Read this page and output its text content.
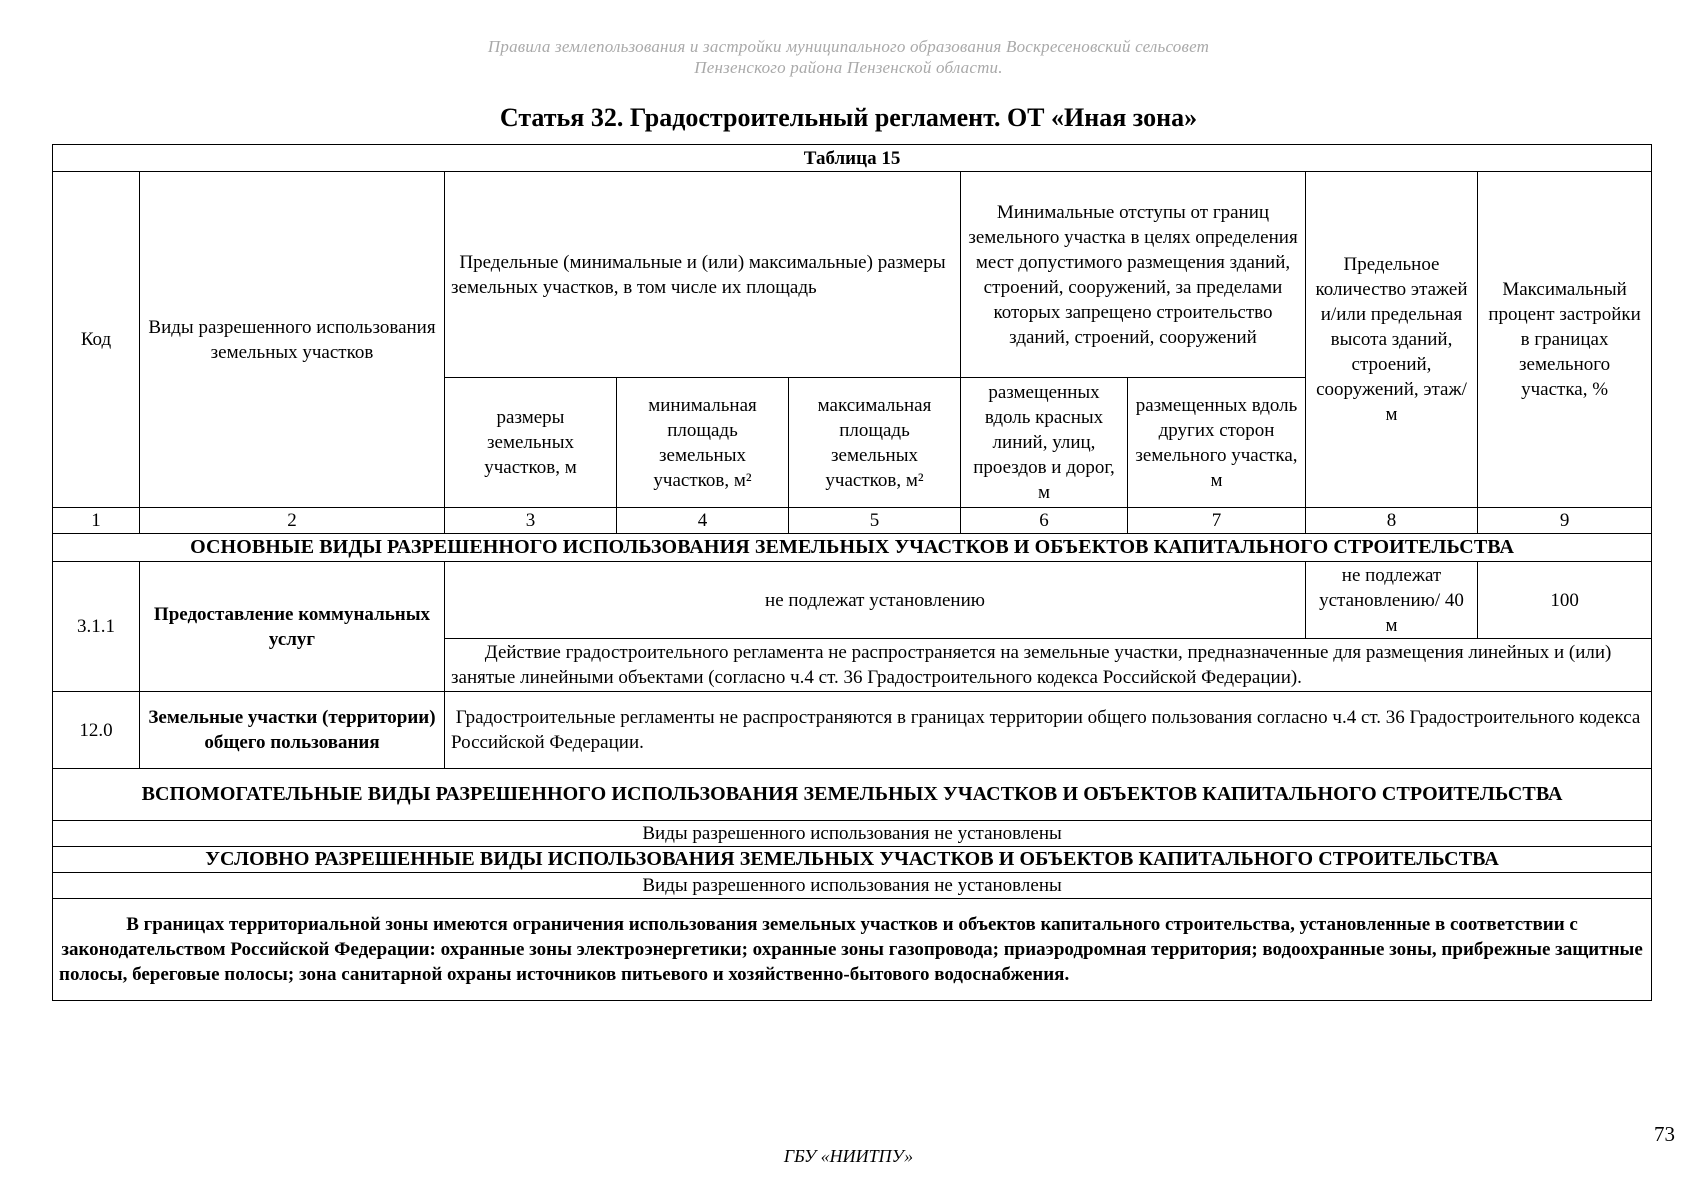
Правила землепользования и застройки муниципального образования Воскресеновский сельсовет
Пензенского района Пензенской области.
Статья 32. Градостроительный регламент. ОТ «Иная зона»
Таблица 15								
Код	Виды разрешенного использования земельных участков	Предельные (минимальные и (или) максимальные) размеры земельных участков, в том числе их площадь			Минимальные отступы от границ земельного участка в целях определения мест допустимого размещения зданий, строений, сооружений, за пределами которых запрещено строительство зданий, строений, сооружений		Предельное количество этажей и/или предельная высота зданий, строений, сооружений, этаж/м	Максимальный процент застройки в границах земельного участка, %
		размеры земельных участков, м	минимальная площадь земельных участков, м²	максимальная площадь земельных участков, м²	размещенных вдоль красных линий, улиц, проездов и дорог, м	размещенных вдоль других сторон земельного участка, м		
1	2	3	4	5	6	7	8	9
ОСНОВНЫЕ ВИДЫ РАЗРЕШЕННОГО ИСПОЛЬЗОВАНИЯ ЗЕМЕЛЬНЫХ УЧАСТКОВ И ОБЪЕКТОВ КАПИТАЛЬНОГО СТРОИТЕЛЬСТВА								
3.1.1	Предоставление коммунальных услуг	не подлежат установлению					не подлежат установлению/ 40 м	100
		Действие градостроительного регламента не распространяется на земельные участки, предназначенные для размещения линейных и (или) занятые линейными объектами (согласно ч.4 ст. 36 Градостроительного кодекса Российской Федерации).						
12.0	Земельные участки (территории) общего пользования	Градостроительные регламенты не распространяются в границах территории общего пользования согласно ч.4 ст. 36 Градостроительного кодекса Российской Федерации.						
ВСПОМОГАТЕЛЬНЫЕ ВИДЫ РАЗРЕШЕННОГО ИСПОЛЬЗОВАНИЯ ЗЕМЕЛЬНЫХ УЧАСТКОВ И ОБЪЕКТОВ КАПИТАЛЬНОГО СТРОИТЕЛЬСТВА								
Виды разрешенного использования не установлены								
УСЛОВНО РАЗРЕШЕННЫЕ ВИДЫ ИСПОЛЬЗОВАНИЯ ЗЕМЕЛЬНЫХ УЧАСТКОВ И ОБЪЕКТОВ КАПИТАЛЬНОГО СТРОИТЕЛЬСТВА								
Виды разрешенного использования не установлены								
В границах территориальной зоны имеются ограничения использования земельных участков и объектов капитального строительства, установленные в соответствии с законодательством Российской Федерации: охранные зоны электроэнергетики; охранные зоны газопровода; приаэродромная территория; водоохранные зоны, прибрежные защитные полосы, береговые полосы; зона санитарной охраны источников питьевого и хозяйственно-бытового водоснабжения.								
73
ГБУ «НИИТПУ»
